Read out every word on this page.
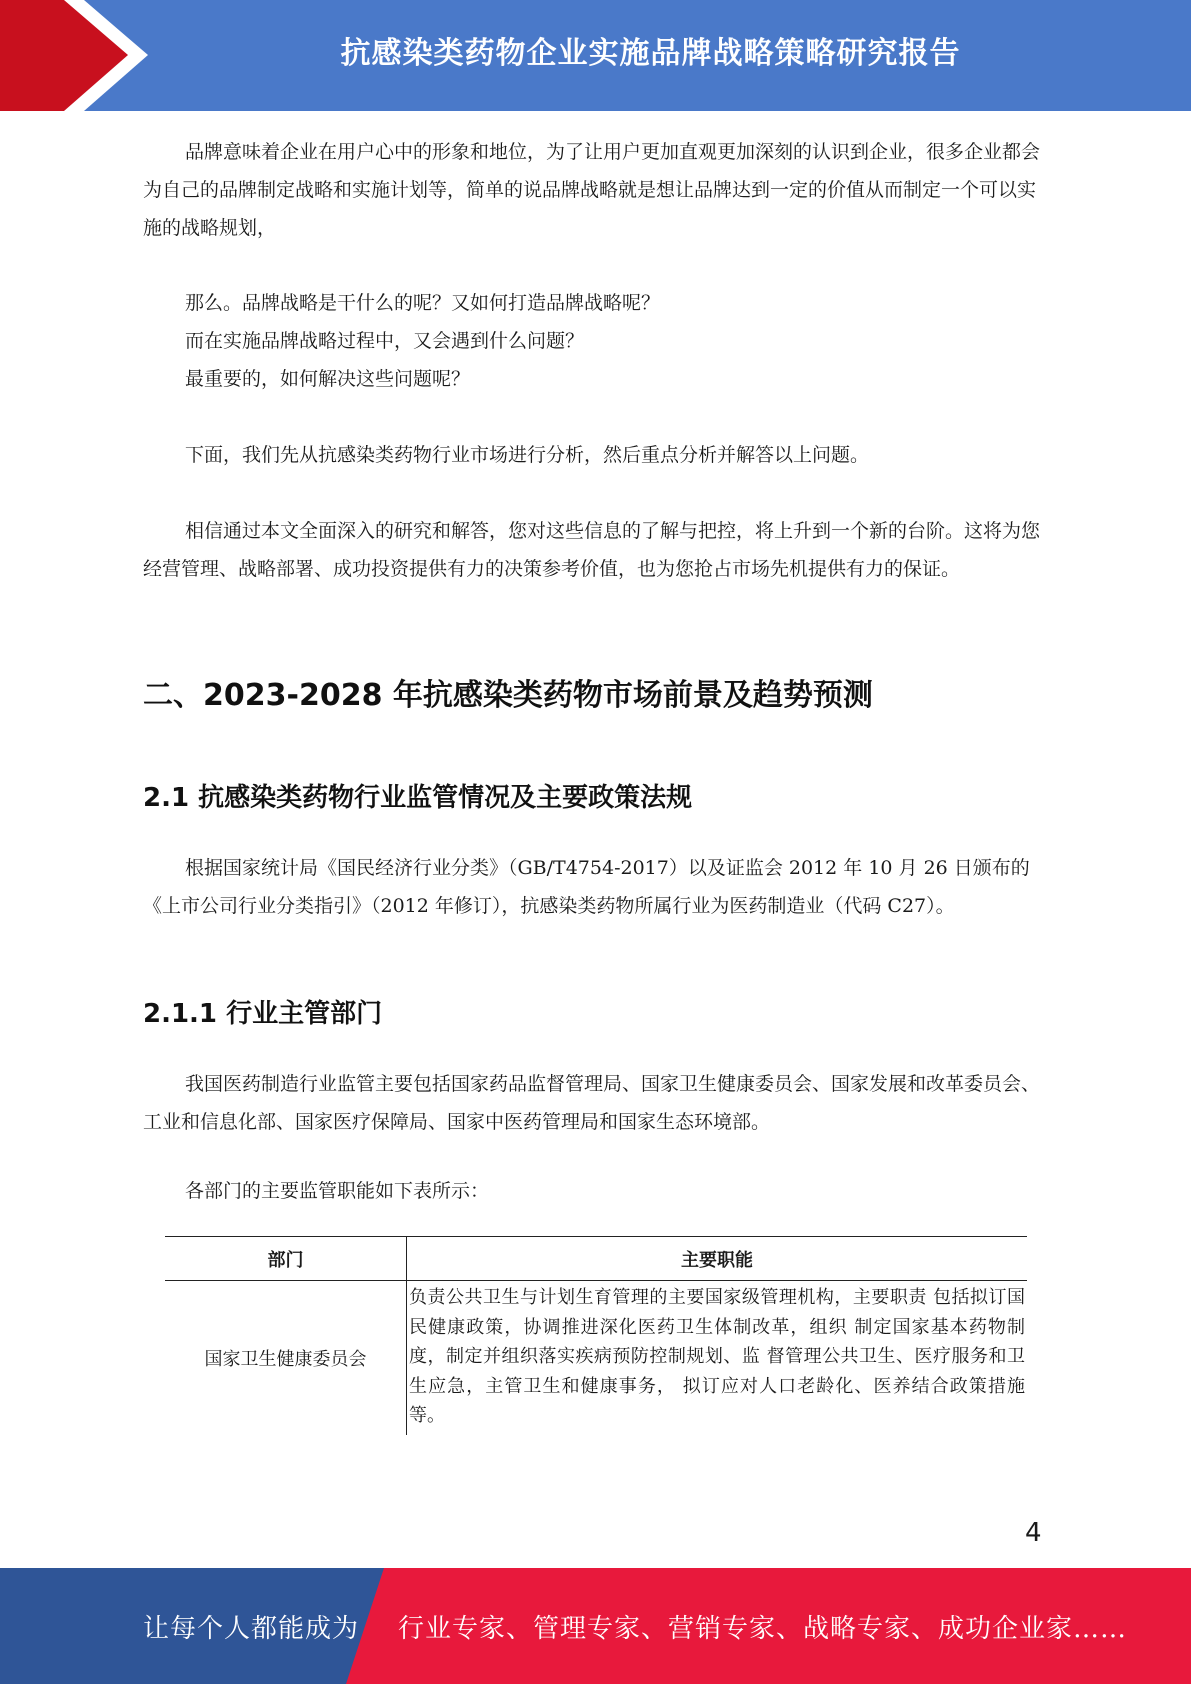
抗感染类药物企业实施品牌战略策略研究报告

品牌意味着企业在用户心中的形象和地位，为了让用户更加直观更加深刻的认识到企业，很多企业都会为自己的品牌制定战略和实施计划等，简单的说品牌战略就是想让品牌达到一定的价值从而制定一个可以实施的战略规划，

那么。品牌战略是干什么的呢？又如何打造品牌战略呢？

而在实施品牌战略过程中，又会遇到什么问题？

最重要的，如何解决这些问题呢？

下面，我们先从抗感染类药物行业市场进行分析，然后重点分析并解答以上问题。

相信通过本文全面深入的研究和解答，您对这些信息的了解与把控，将上升到一个新的台阶。这将为您经营管理、战略部署、成功投资提供有力的决策参考价值，也为您抢占市场先机提供有力的保证。

二、2023-2028 年抗感染类药物市场前景及趋势预测
2.1 抗感染类药物行业监管情况及主要政策法规

根据国家统计局《国民经济行业分类》（GB/T4754-2017）以及证监会 2012 年 10 月 26 日颁布的《上市公司行业分类指引》（2012 年修订），抗感染类药物所属行业为医药制造业（代码 C27）。

2.1.1 行业主管部门

我国医药制造行业监管主要包括国家药品监督管理局、国家卫生健康委员会、国家发展和改革委员会、工业和信息化部、国家医疗保障局、国家中医药管理局和国家生态环境部。

各部门的主要监管职能如下表所示：

部门	主要职能
国家卫生健康委员会	负责公共卫生与计划生育管理的主要国家级管理机构，主要职责 包括拟订国民健康政策，协调推进深化医药卫生体制改革，组织 制定国家基本药物制度，制定并组织落实疾病预防控制规划、监 督管理公共卫生、医疗服务和卫生应急，主管卫生和健康事务， 拟订应对人口老龄化、医养结合政策措施等。
4
让每个人都能成为 行业专家、管理专家、营销专家、战略专家、成功企业家……
